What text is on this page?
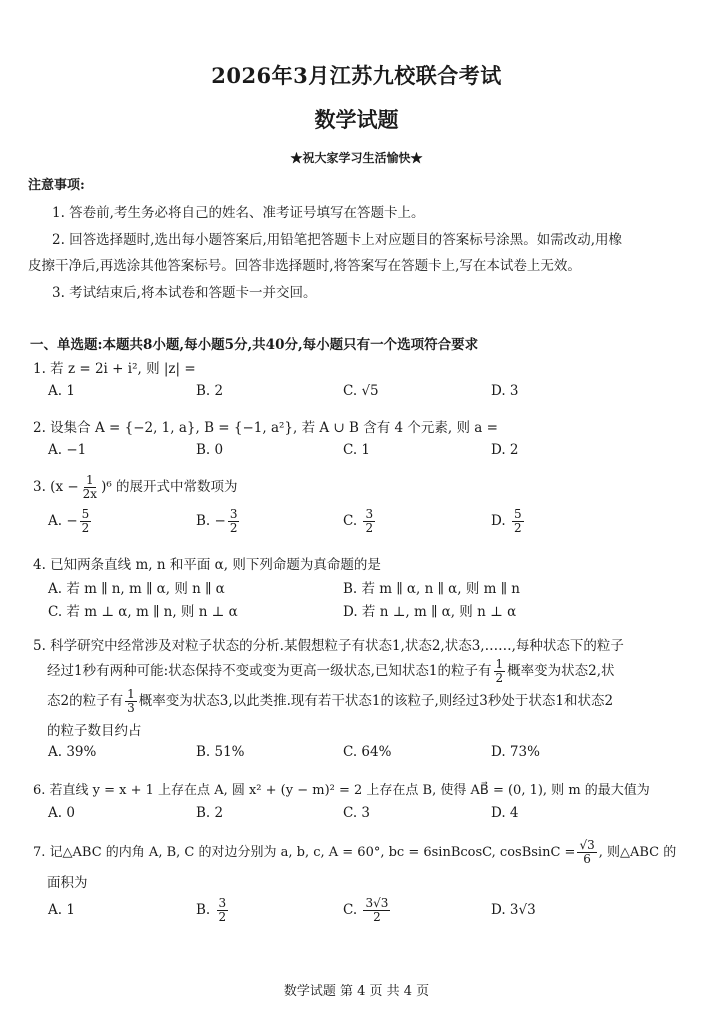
2026年3月江苏九校联合考试
数学试题
★祝大家学习生活愉快★
注意事项:
1. 答卷前,考生务必将自己的姓名、准考证号填写在答题卡上。
2. 回答选择题时,选出每小题答案后,用铅笔把答题卡上对应题目的答案标号涂黑。如需改动,用橡
皮擦干净后,再选涂其他答案标号。回答非选择题时,将答案写在答题卡上,写在本试卷上无效。
3. 考试结束后,将本试卷和答题卡一并交回。
一、单选题:本题共8小题,每小题5分,共40分,每小题只有一个选项符合要求
1. 若 z = 2i + i², 则 |z| =
A. 1	B. 2	C. √5	D. 3
2. 设集合 A = {−2, 1, a}, B = {−1, a²}, 若 A ∪ B 含有 4 个元素, 则 a =
A. −1	B. 0	C. 1	D. 2
3. $(x - \frac{1}{2x} )^6$ 的展开式中常数项为
A. − $\frac{5}{2}$	B. − $\frac{3}{2}$	C. $\frac{3}{2}$	D. $\frac{5}{2}$
4. 已知两条直线 m, n 和平面 α, 则下列命题为真命题的是
A. 若 m ∥ n, m ∥ α, 则 n ∥ α	B. 若 m ∥ α, n ∥ α, 则 m ∥ n
C. 若 m ⊥ α, m ∥ n, 则 n ⊥ α	D. 若 n ⊥, m ∥ α, 则 n ⊥ α
5. 科学研究中经常涉及对粒子状态的分析.某假想粒子有状态1,状态2,状态3,……,每种状态下的粒子
经过1秒有两种可能:状态保持不变或变为更高一级状态,已知状态1的粒子有 $\frac{1}{2}$ 概率变为状态2,状
态2的粒子有 $\frac{1}{3}$ 概率变为状态3,以此类推.现有若干状态1的该粒子,则经过3秒处于状态1和状态2
的粒子数目约占
A. 39%	B. 51%	C. 64%	D. 73%
6. 若直线 y = x + 1 上存在点 A, 圆 x² + (y − m)² = 2 上存在点 B, 使得 AB⃗ = (0, 1), 则 m 的最大值为
A. 0	B. 2	C. 3	D. 4
7. 记△ABC 的内角 A, B, C 的对边分别为 a, b, c, A = 60°, bc = 6sinBcosC, cosBsinC = $\frac{√3}{6}$ , 则△ABC 的
面积为
A. 1	B. $\frac{3}{2}$	C. $\frac{3√3}{2}$	D. 3√3
数学试题 第 4 页 共 4 页
